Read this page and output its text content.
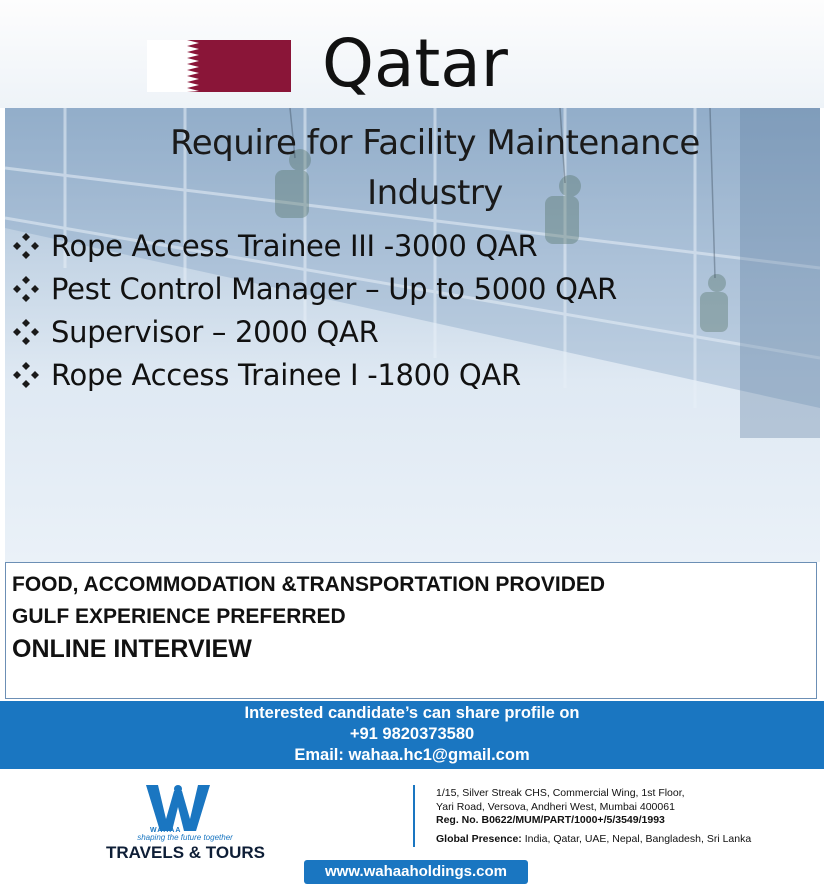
Qatar
Require for Facility Maintenance
Industry
Rope Access Trainee III -3000 QAR
Pest Control Manager – Up to 5000 QAR
Supervisor – 2000 QAR
Rope Access Trainee I -1800 QAR
FOOD, ACCOMMODATION &TRANSPORTATION PROVIDED
GULF EXPERIENCE PREFERRED
ONLINE INTERVIEW
Interested candidate’s can share profile on
+91 9820373580
Email: wahaa.hc1@gmail.com
WAHAA
shaping the future together
TRAVELS & TOURS
1/15, Silver Streak CHS, Commercial Wing, 1st Floor,
Yari Road, Versova, Andheri West, Mumbai 400061
Reg. No. B0622/MUM/PART/1000+/5/3549/1993
Global Presence: India, Qatar, UAE, Nepal, Bangladesh, Sri Lanka
www.wahaaholdings.com
